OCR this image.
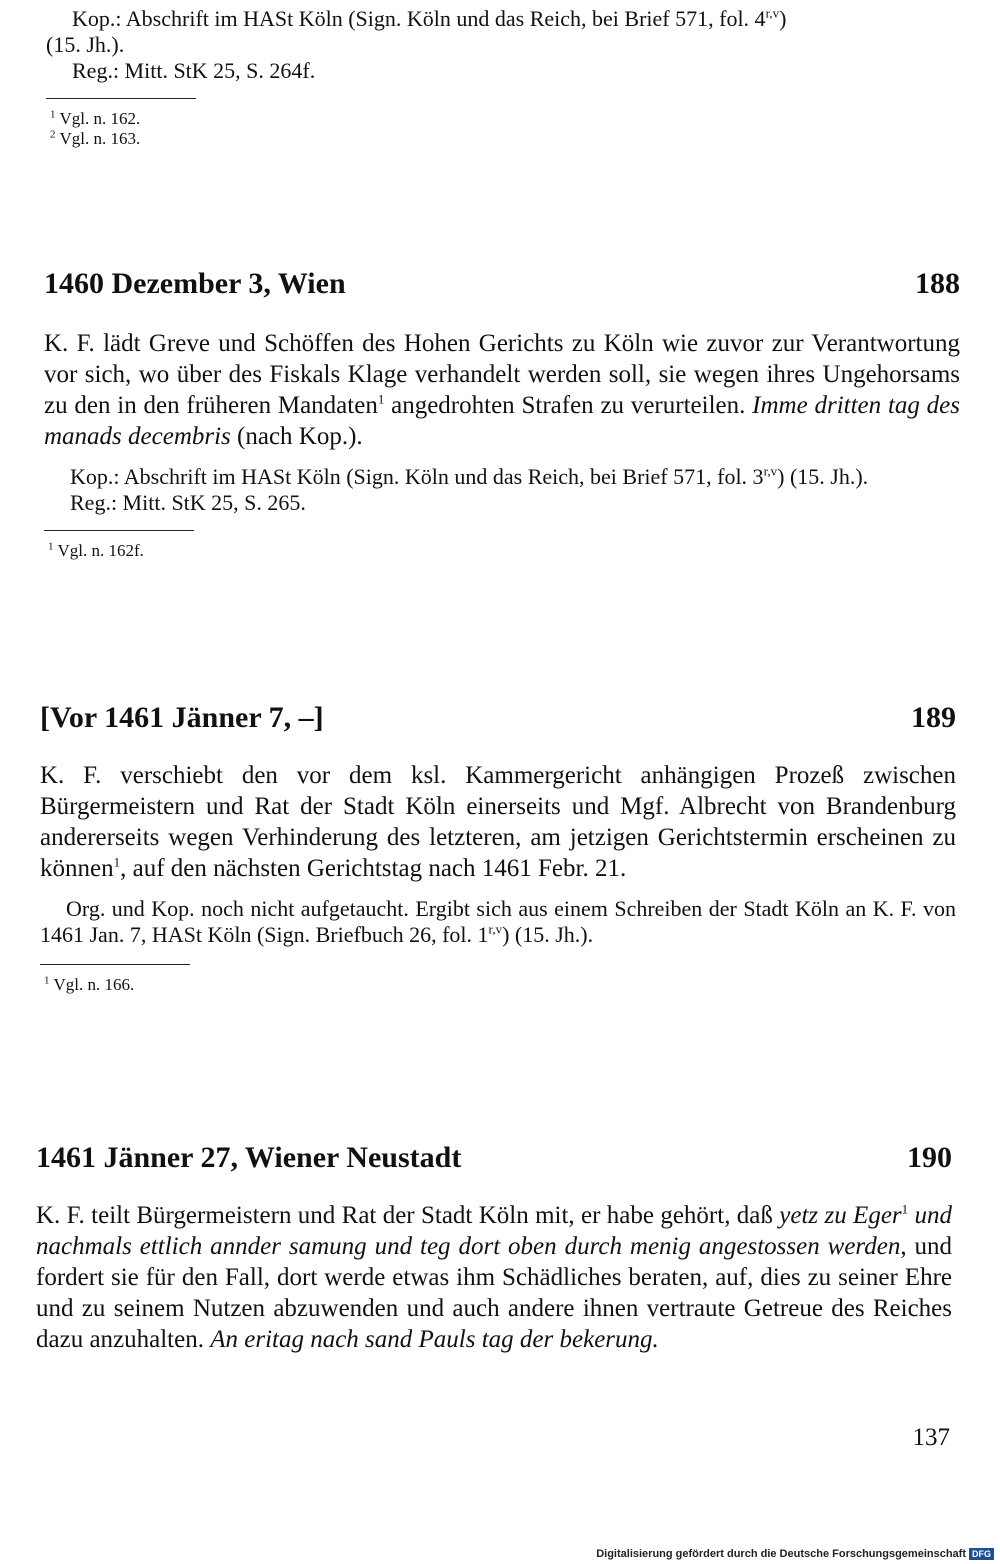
Kop.: Abschrift im HASt Köln (Sign. Köln und das Reich, bei Brief 571, fol. 4$^{r,v}$)

(15. Jh.).

Reg.: Mitt. StK 25, S. 264f.

$^1$ Vgl. n. 162.

$^2$ Vgl. n. 163.

1460 Dezember 3, Wien	188

K. F. lädt Greve und Schöffen des Hohen Gerichts zu Köln wie zuvor zur Verantwortung vor sich, wo über des Fiskals Klage verhandelt werden soll, sie wegen ihres Ungehorsams zu den in den früheren Mandaten$^1$ angedrohten Strafen zu verurteilen. Imme dritten tag des manads decembris (nach Kop.).

Kop.: Abschrift im HASt Köln (Sign. Köln und das Reich, bei Brief 571, fol. 3$^{r,v}$) (15. Jh.).

Reg.: Mitt. StK 25, S. 265.

$^1$ Vgl. n. 162f.

[Vor 1461 Jänner 7, –]	189

K. F. verschiebt den vor dem ksl. Kammergericht anhängigen Prozeß zwischen Bürgermeistern und Rat der Stadt Köln einerseits und Mgf. Albrecht von Brandenburg andererseits wegen Verhinderung des letzteren, am jetzigen Gerichtstermin erscheinen zu können$^1$, auf den nächsten Gerichtstag nach 1461 Febr. 21.

Org. und Kop. noch nicht aufgetaucht. Ergibt sich aus einem Schreiben der Stadt Köln an K. F. von 1461 Jan. 7, HASt Köln (Sign. Briefbuch 26, fol. 1$^{r,v}$) (15. Jh.).

$^1$ Vgl. n. 166.

1461 Jänner 27, Wiener Neustadt	190

K. F. teilt Bürgermeistern und Rat der Stadt Köln mit, er habe gehört, daß yetz zu Eger$^1$ und nachmals ettlich annder samung und teg dort oben durch menig angestossen werden, und fordert sie für den Fall, dort werde etwas ihm Schädliches beraten, auf, dies zu seiner Ehre und zu seinem Nutzen abzuwenden und auch andere ihnen vertraute Getreue des Reiches dazu anzuhalten. An eritag nach sand Pauls tag der bekerung.

137
Digitalisierung gefördert durch die Deutsche Forschungsgemeinschaft DFG
